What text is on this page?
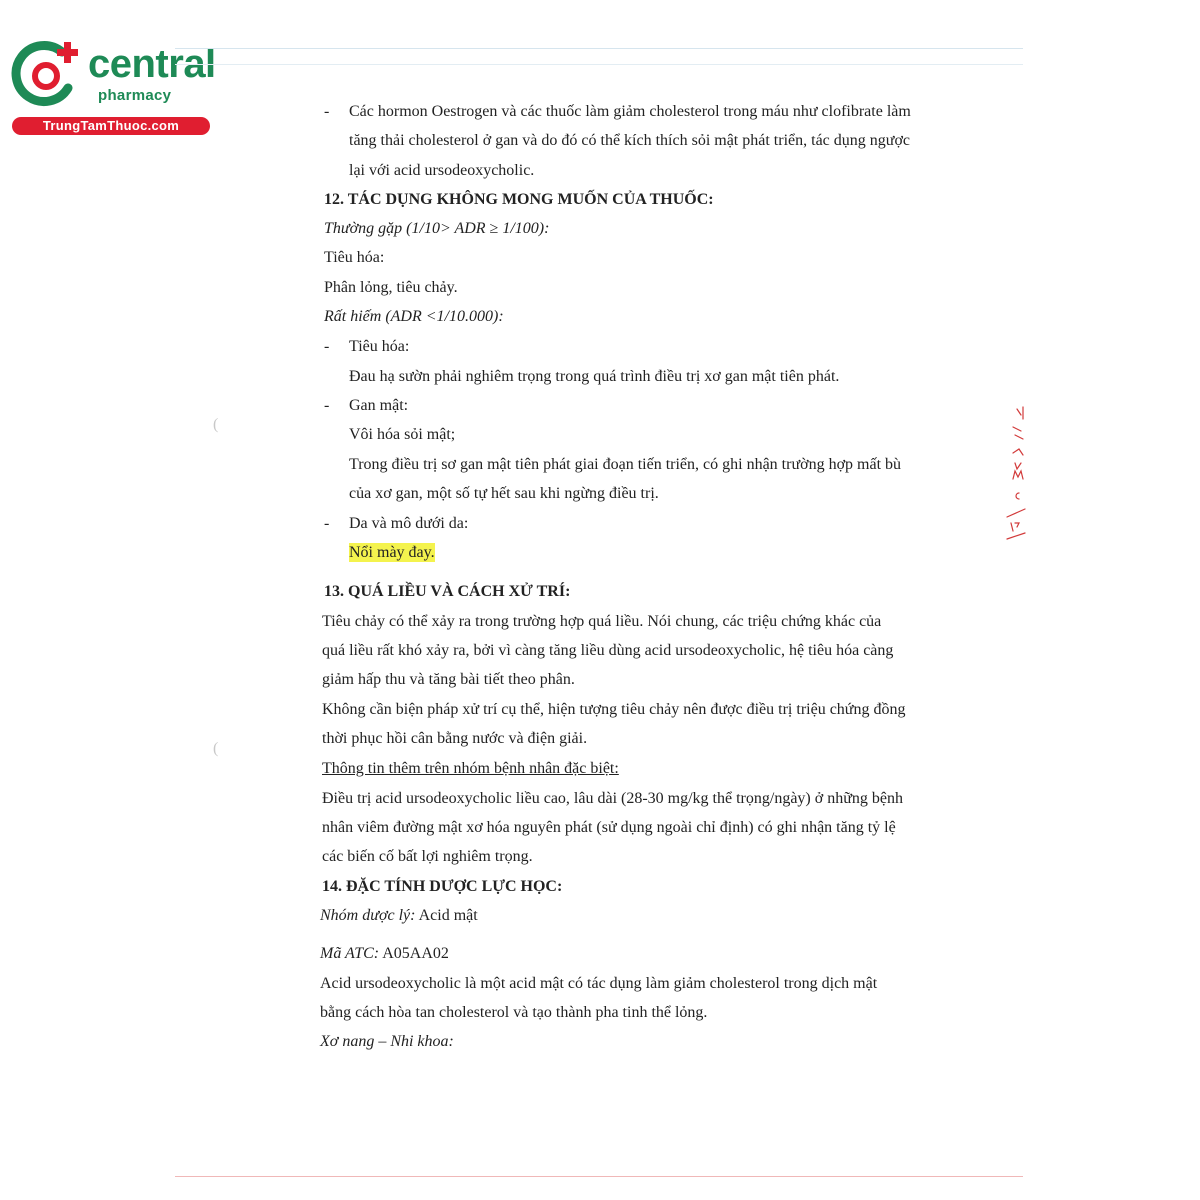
central
pharmacy
TrungTamThuoc.com
(
(
- Các hormon Oestrogen và các thuốc làm giảm cholesterol trong máu như clofibrate làm
tăng thải cholesterol ở gan và do đó có thể kích thích sỏi mật phát triển, tác dụng ngược
lại với acid ursodeoxycholic.
12. TÁC DỤNG KHÔNG MONG MUỐN CỦA THUỐC:
Thường gặp (1/10> ADR ≥ 1/100):
Tiêu hóa:
Phân lỏng, tiêu chảy.
Rất hiếm (ADR <1/10.000):
- Tiêu hóa:
Đau hạ sườn phải nghiêm trọng trong quá trình điều trị xơ gan mật tiên phát.
- Gan mật:
Vôi hóa sỏi mật;
Trong điều trị sơ gan mật tiên phát giai đoạn tiến triển, có ghi nhận trường hợp mất bù
của xơ gan, một số tự hết sau khi ngừng điều trị.
- Da và mô dưới da:
Nổi mày đay.
13. QUÁ LIỀU VÀ CÁCH XỬ TRÍ:
Tiêu chảy có thể xảy ra trong trường hợp quá liều. Nói chung, các triệu chứng khác của
quá liều rất khó xảy ra, bởi vì càng tăng liều dùng acid ursodeoxycholic, hệ tiêu hóa càng
giảm hấp thu và tăng bài tiết theo phân.
Không cần biện pháp xử trí cụ thể, hiện tượng tiêu chảy nên được điều trị triệu chứng đồng
thời phục hồi cân bằng nước và điện giải.
Thông tin thêm trên nhóm bệnh nhân đặc biệt:
Điều trị acid ursodeoxycholic liều cao, lâu dài (28-30 mg/kg thể trọng/ngày) ở những bệnh
nhân viêm đường mật xơ hóa nguyên phát (sử dụng ngoài chỉ định) có ghi nhận tăng tỷ lệ
các biến cố bất lợi nghiêm trọng.
14. ĐẶC TÍNH DƯỢC LỰC HỌC:
Nhóm dược lý: Acid mật
Mã ATC: A05AA02
Acid ursodeoxycholic là một acid mật có tác dụng làm giảm cholesterol trong dịch mật
bằng cách hòa tan cholesterol và tạo thành pha tinh thể lỏng.
Xơ nang – Nhi khoa:
